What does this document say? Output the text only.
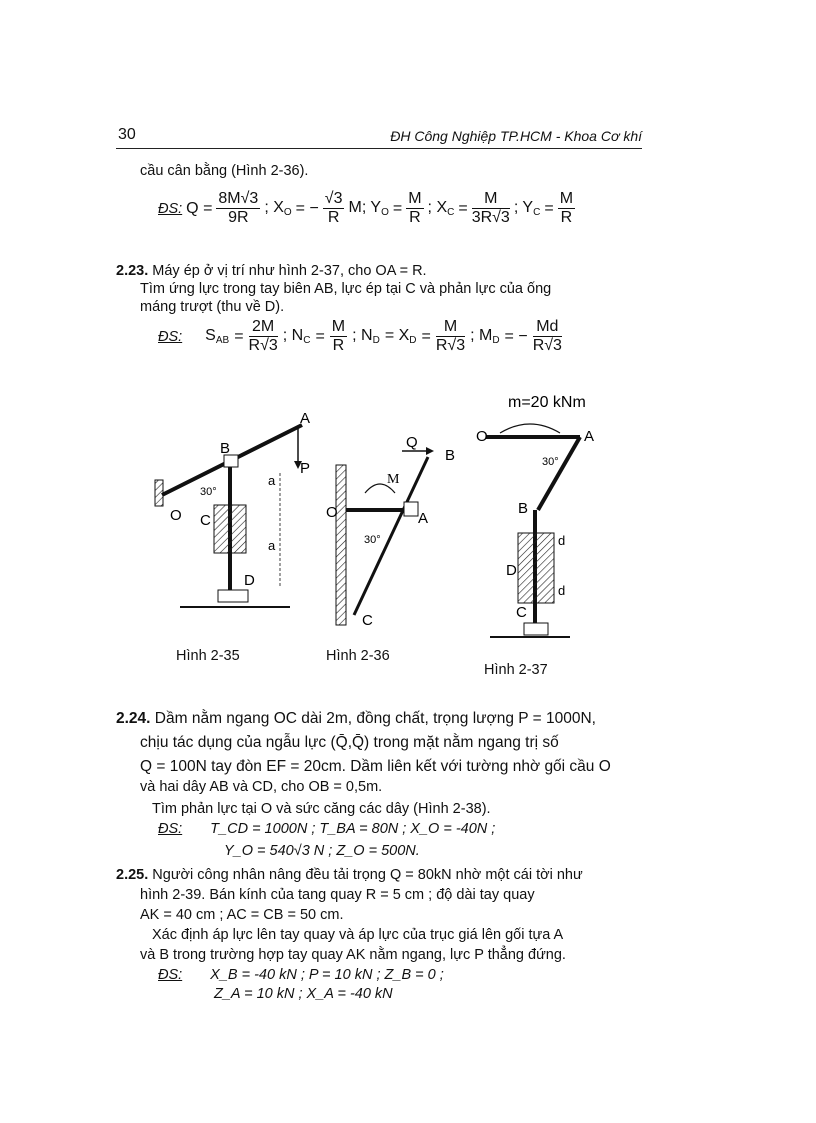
30	ĐH Công Nghiệp TP.HCM - Khoa Cơ khí
cầu cân bằng (Hình 2-36).
ĐS: $Q = \frac{8M√3}{9R}$ ; $X_O$ = − $\frac{√3}{R} M$; $Y_O = \frac{M}{R}$ ; $X_C = \frac{M}{3R√3}$ ; $Y_C = \frac{M}{R}$
2.23. Máy ép ở vị trí như hình 2-37, cho OA = R.
Tìm ứng lực trong tay biên AB, lực ép tại C và phản lực của ống
máng trượt (thu về D).
ĐS: $S_{AB} = \frac{2M}{R√3}$ ; $N_C = \frac{M}{R}$ ; $N_D = X_D = \frac{M}{R√3}$ ; $M_D$ = − $\frac{Md}{R√3}$
A
B
C
D
O
P
30°
a
a
Q
B
M
O	A
C
30°
m=20 kNm
O	A
B
D
C
30°
d
d
Hình 2-35	Hình 2-36
Hình 2-37
2.24. Dầm nằm ngang OC dài 2m, đồng chất, trọng lượng P = 1000N,
chịu tác dụng của ngẫu lực (Q̄,Q̄) trong mặt nằm ngang trị số
Q = 100N tay đòn EF = 20cm. Dầm liên kết với tường nhờ gối cầu O
và hai dây AB và CD, cho OB = 0,5m.
Tìm phản lực tại O và sức căng các dây (Hình 2-38).
ĐS: T_CD = 1000N ; T_BA = 80N ; X_O = -40N ;
Y_O = 540√3 N ; Z_O = 500N.
2.25. Người công nhân nâng đều tải trọng Q = 80kN nhờ một cái tời như
hình 2-39. Bán kính của tang quay R = 5 cm ; độ dài tay quay
AK = 40 cm ; AC = CB = 50 cm.
Xác định áp lực lên tay quay và áp lực của trục giá lên gối tựa A
và B trong trường hợp tay quay AK nằm ngang, lực P thẳng đứng.
ĐS: X_B = -40 kN ; P = 10 kN ; Z_B = 0 ;
Z_A = 10 kN ; X_A = -40 kN
